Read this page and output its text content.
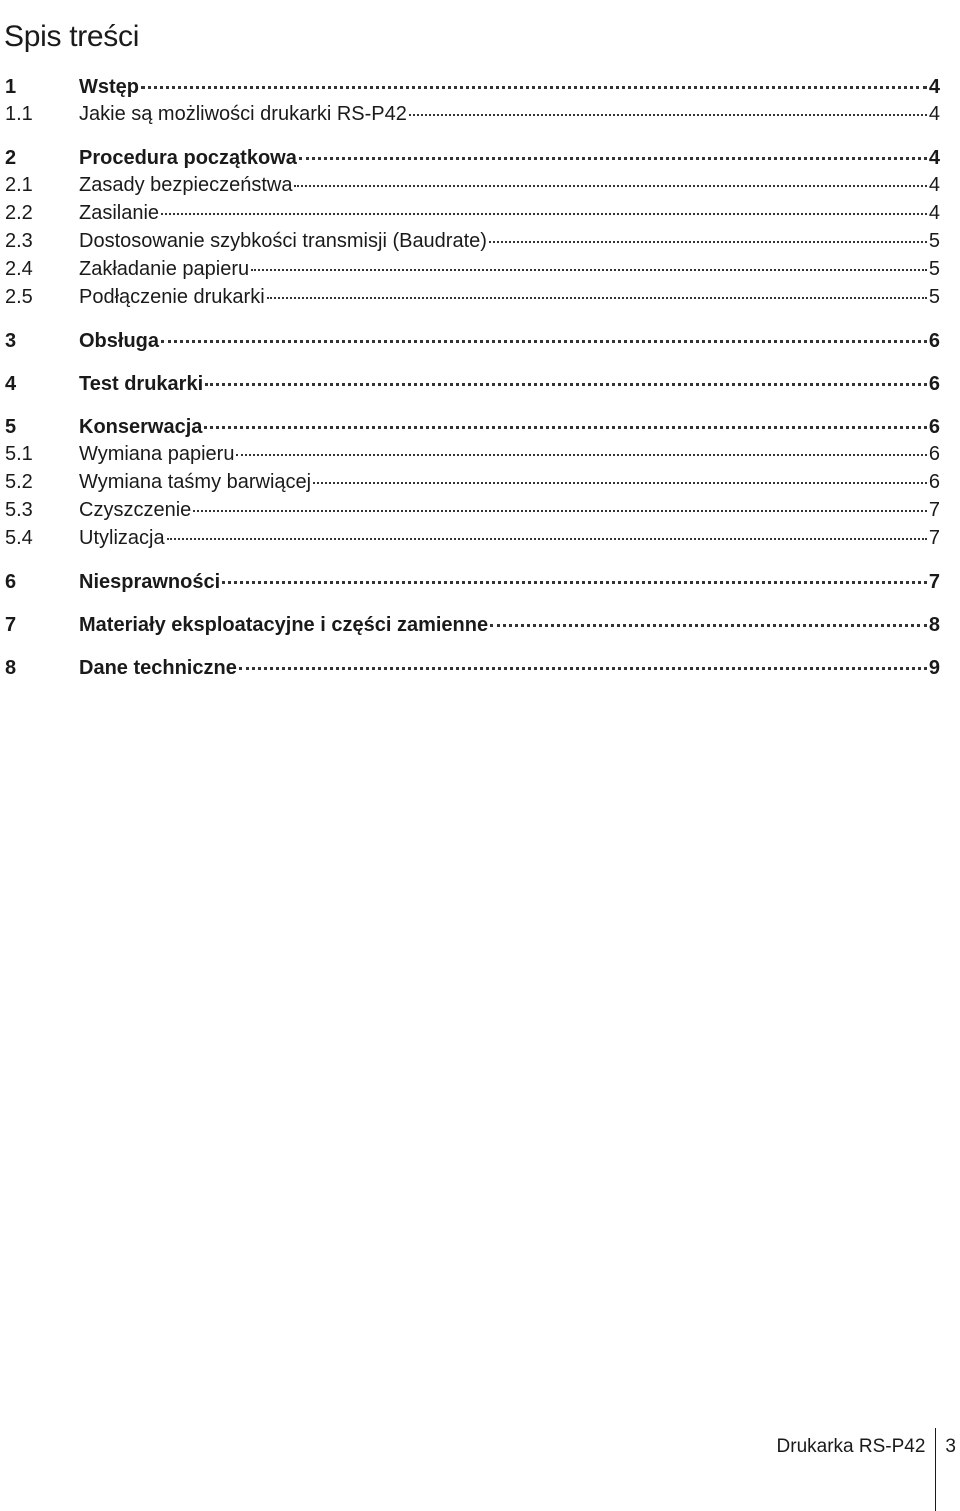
Spis treści
1	Wstęp	4
1.1	Jakie są możliwości drukarki RS-P42	4
2	Procedura początkowa	4
2.1	Zasady bezpieczeństwa	4
2.2	Zasilanie	4
2.3	Dostosowanie szybkości transmisji (Baudrate)	5
2.4	Zakładanie papieru	5
2.5	Podłączenie drukarki	5
3	Obsługa	6
4	Test drukarki	6
5	Konserwacja	6
5.1	Wymiana papieru	6
5.2	Wymiana taśmy barwiącej	6
5.3	Czyszczenie	7
5.4	Utylizacja	7
6	Niesprawności	7
7	Materiały eksploatacyjne i części zamienne	8
8	Dane techniczne	9
Drukarka RS-P42	3
